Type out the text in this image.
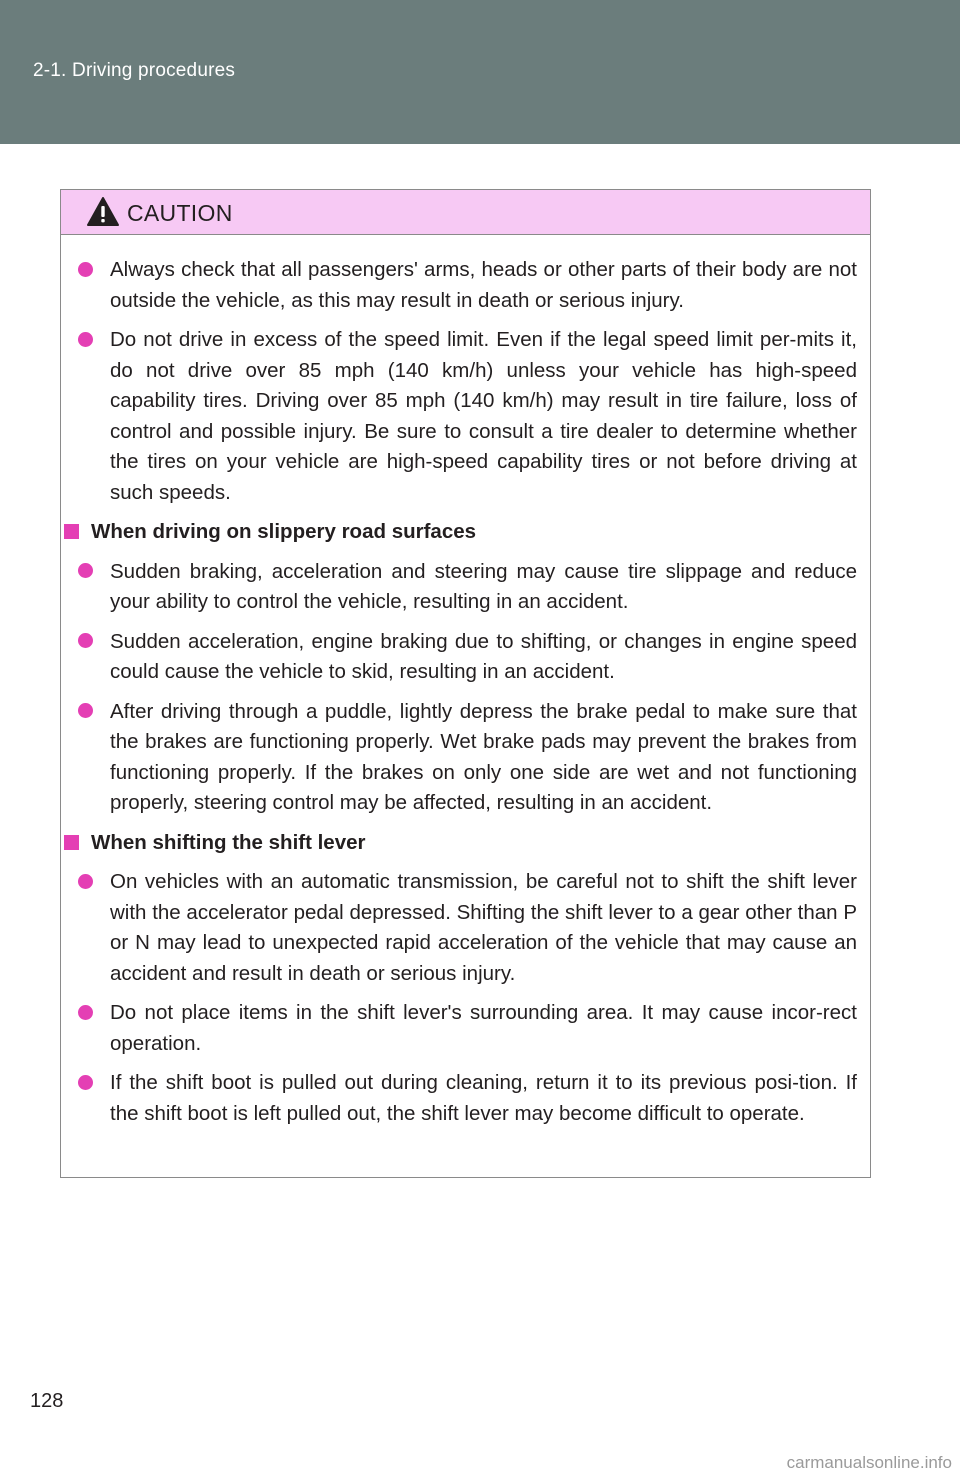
2-1. Driving procedures
CAUTION
Always check that all passengers' arms, heads or other parts of their body are not outside the vehicle, as this may result in death or serious injury.
Do not drive in excess of the speed limit. Even if the legal speed limit per-mits it, do not drive over 85 mph (140 km/h) unless your vehicle has high-speed capability tires. Driving over 85 mph (140 km/h) may result in tire failure, loss of control and possible injury. Be sure to consult a tire dealer to determine whether the tires on your vehicle are high-speed capability tires or not before driving at such speeds.
When driving on slippery road surfaces
Sudden braking, acceleration and steering may cause tire slippage and reduce your ability to control the vehicle, resulting in an accident.
Sudden acceleration, engine braking due to shifting, or changes in engine speed could cause the vehicle to skid, resulting in an accident.
After driving through a puddle, lightly depress the brake pedal to make sure that the brakes are functioning properly. Wet brake pads may prevent the brakes from functioning properly. If the brakes on only one side are wet and not functioning properly, steering control may be affected, resulting in an accident.
When shifting the shift lever
On vehicles with an automatic transmission, be careful not to shift the shift lever with the accelerator pedal depressed. Shifting the shift lever to a gear other than P or N may lead to unexpected rapid acceleration of the vehicle that may cause an accident and result in death or serious injury.
Do not place items in the shift lever's surrounding area. It may cause incor-rect operation.
If the shift boot is pulled out during cleaning, return it to its previous posi-tion. If the shift boot is left pulled out, the shift lever may become difficult to operate.
128
carmanualsonline.info
